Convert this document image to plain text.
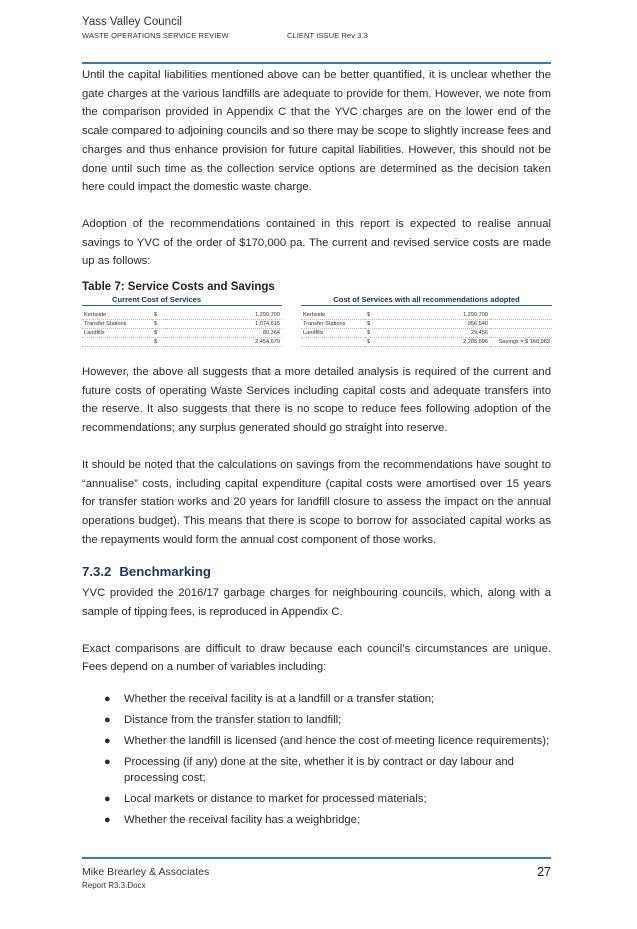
Yass Valley Council
WASTE OPERATIONS SERVICE REVIEW	CLIENT ISSUE Rev 3.3

Until the capital liabilities mentioned above can be better quantified, it is unclear whether the gate charges at the various landfills are adequate to provide for them. However, we note from the comparison provided in Appendix C that the YVC charges are on the lower end of the scale compared to adjoining councils and so there may be scope to slightly increase fees and charges and thus enhance provision for future capital liabilities. However, this should not be done until such time as the collection service options are determined as the decision taken here could impact the domestic waste charge.

Adoption of the recommendations contained in this report is expected to realise annual savings to YVC of the order of $170,000 pa. The current and revised service costs are made up as follows:

Table 7: Service Costs and Savings
Current Cost of Services
Kerbside	$	1,299,700
Transfer Stations	$	1,074,615
Landfills	$	80,364
	$	2,454,679
Cost of Services with all recommendations adopted
Kerbside	$	1,299,700	
Transfer Stations	$	956,540	
Landfills	$	29,456	
	$	2,285,696	Savings = $ 168,983

However, the above all suggests that a more detailed analysis is required of the current and future costs of operating Waste Services including capital costs and adequate transfers into the reserve. It also suggests that there is no scope to reduce fees following adoption of the recommendations; any surplus generated should go straight into reserve.

It should be noted that the calculations on savings from the recommendations have sought to “annualise” costs, including capital expenditure (capital costs were amortised over 15 years for transfer station works and 20 years for landfill closure to assess the impact on the annual operations budget). This means that there is scope to borrow for associated capital works as the repayments would form the annual cost component of those works.

7.3.2 Benchmarking

YVC provided the 2016/17 garbage charges for neighbouring councils, which, along with a sample of tipping fees, is reproduced in Appendix C.

Exact comparisons are difficult to draw because each council’s circumstances are unique. Fees depend on a number of variables including:

● Whether the receival facility is at a landfill or a transfer station;
● Distance from the transfer station to landfill;
● Whether the landfill is licensed (and hence the cost of meeting licence requirements);
● Processing (if any) done at the site, whether it is by contract or day labour and processing cost;
● Local markets or distance to market for processed materials;
● Whether the receival facility has a weighbridge;
Mike Brearley & Associates
Report R3.3.Docx
27
